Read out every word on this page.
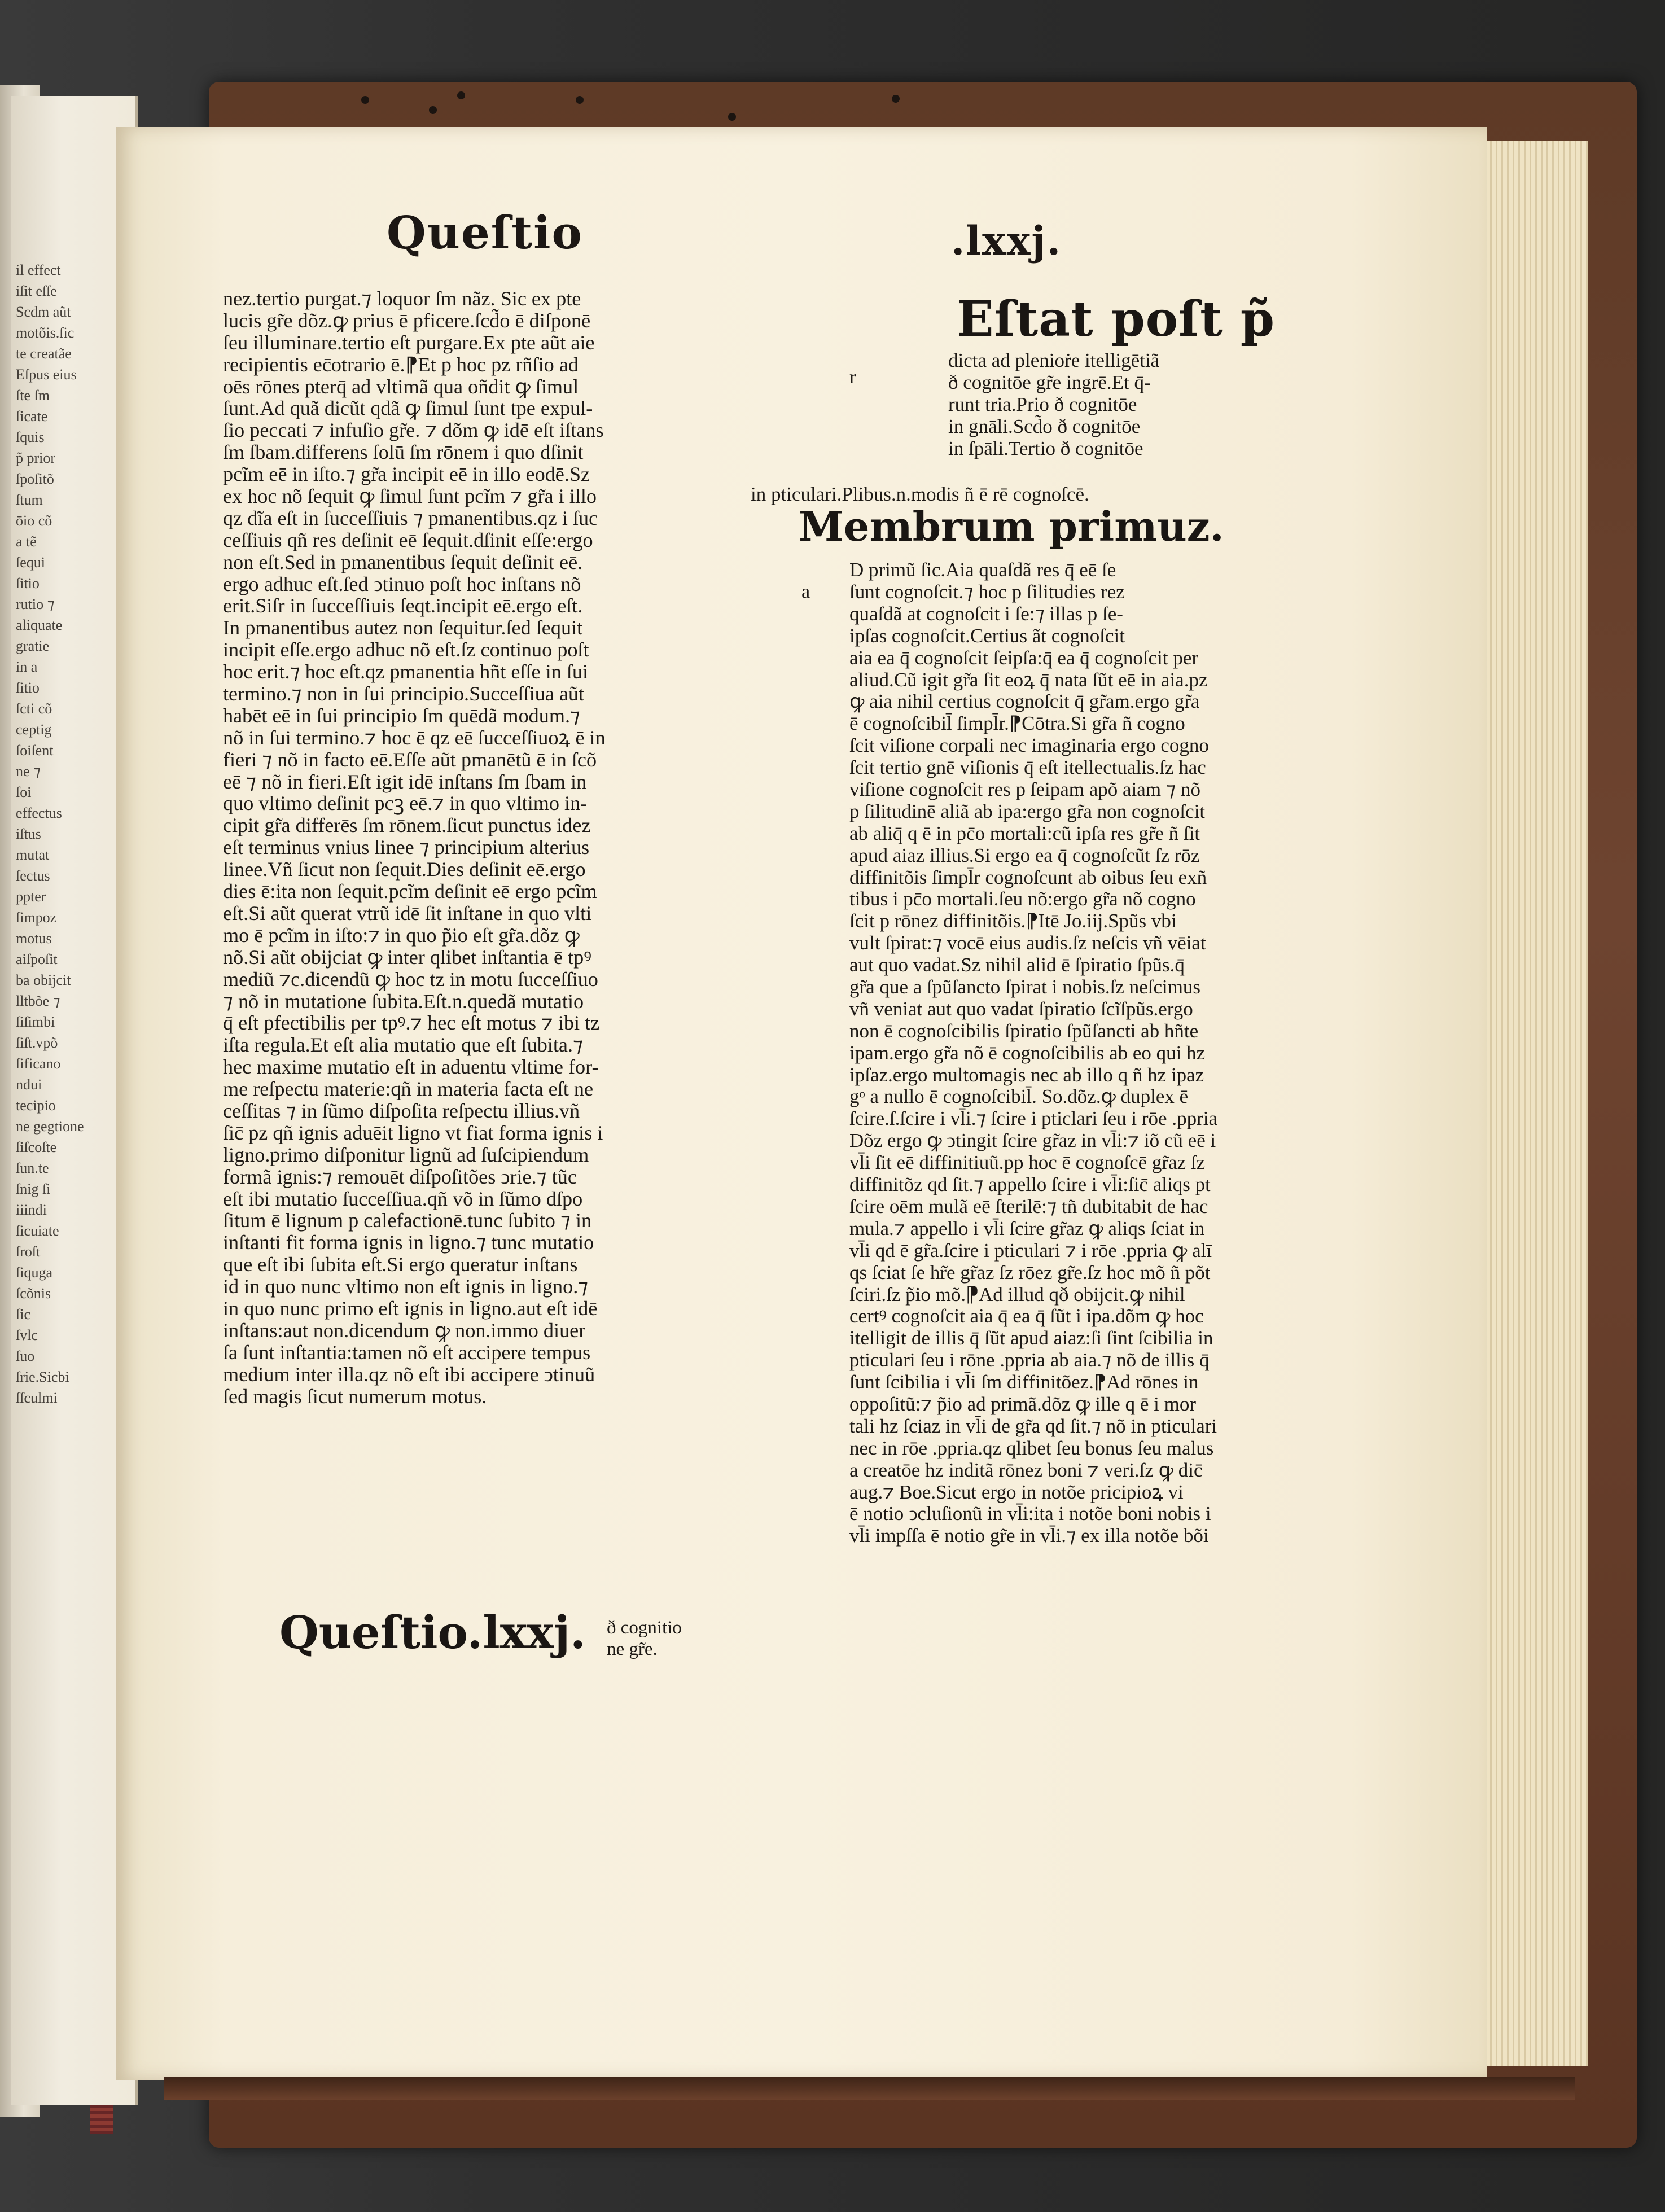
il effect
iſit eſſe
Scdm aũt
motõis.ſic
te creatãe
Eſpus eius
ſte ſm
ſicate
ſquis
p̃ prior
ſpoſitõ
ſtum
ōio cõ
a tẽ
ſequi
ſitio
rutio ⁊
aliquate
gratie
in a
ſitio
ſcti cõ
ceptig
ſoiſent
ne ⁊
ſoi
effectus
iſtus
mutat
ſectus
ppter
ſimpoz
motus
aiſpoſit
ba obijcit
lltbõe ⁊
ſiſimbi
ſiſt.vpõ
ſificano
ndui
tecipio
ne gegtione
ſiſcoſte
ſun.te
ſnig ſi
iiindi
ſicuiate
ſroſt
ſiquga
ſcõnis
ſic
ſvlc
ſuo
ſrie.Sicbi
ſſculmi
Queſtio	.lxxj.
nez.tertio purgat.⁊ loquor ſm nãz. Sic ex pte
lucis gr̃e dõz.ꝙ prius ē pficere.ſcd̃o ē diſponē
ſeu illuminare.tertio eſt purgare.Ex pte aũt aie
recipientis ec̄otrario ē.⁋Et p hoc pz rñſio ad
oēs rōnes pterq̄ ad vltimã qua oñdit ꝙ ſimul
ſunt.Ad quã dicũt qdã ꝙ ſimul ſunt tpe expul-
ſio peccati ⁊ infuſio gr̃e. ⁊ dõm ꝙ idē eſt iſtans
ſm ſbam.differens ſolū ſm rōnem i quo dſinit
pcĩm eē in iſto.⁊ gr̃a incipit eē in illo eodē.Sz
ex hoc nõ ſequit ꝙ ſimul ſunt pcĩm ⁊ gr̃a i illo
qz dĩa eſt in ſucceſſiuis ⁊ pmanentibus.qz i ſuc
ceſſiuis qñ res deſinit eē ſequit.dſinit eſſe:ergo
non eſt.Sed in pmanentibus ſequit deſinit eē.
ergo adhuc eſt.ſed ↄtinuo poſt hoc inſtans nõ
erit.Siſr in ſucceſſiuis ſeqt.incipit eē.ergo eſt.
In pmanentibus autez non ſequitur.ſed ſequit
incipit eſſe.ergo adhuc nõ eſt.ſz continuo poſt
hoc erit.⁊ hoc eſt.qz pmanentia hñt eſſe in ſui
termino.⁊ non in ſui principio.Succeſſiua aũt
habēt eē in ſui principio ſm quēdã modum.⁊
nõ in ſui termino.⁊ hoc ē qz eē ſucceſſiuoꝝ ē in
fieri ⁊ nõ in facto eē.Eſſe aũt pmanētũ ē in ſcõ
eē ⁊ nõ in fieri.Eſt igit idē inſtans ſm ſbam in
quo vltimo deſinit pcꝫ eē.⁊ in quo vltimo in-
cipit gr̃a differēs ſm rōnem.ſicut punctus idez
eſt terminus vnius linee ⁊ principium alterius
linee.Vñ ſicut non ſequit.Dies deſinit eē.ergo
dies ē:ita non ſequit.pcĩm deſinit eē ergo pcĩm
eſt.Si aũt querat vtrũ idē ſit inſtane in quo vlti
mo ē pcĩm in iſto:⁊ in quo p̃io eſt gr̃a.dõz ꝙ
nõ.Si aũt obijciat ꝙ inter qlibet inſtantia ē tpꝰ
mediũ ⁊c.dicendũ ꝙ hoc tz in motu ſucceſſiuo
⁊ nõ in mutatione ſubita.Eſt.n.quedã mutatio
q̄ eſt pfectibilis per tpꝰ.⁊ hec eſt motus ⁊ ibi tz
iſta regula.Et eſt alia mutatio que eſt ſubita.⁊
hec maxime mutatio eſt in aduentu vltime for-
me reſpectu materie:qñ in materia facta eſt ne
ceſſitas ⁊ in ſũmo diſpoſita reſpectu illius.vñ
ſic̄ pz qñ ignis aduēit ligno vt fiat forma ignis i
ligno.primo diſponitur lignũ ad ſuſcipiendum
formã ignis:⁊ remouēt diſpoſitões ↄrie.⁊ tũc
eſt ibi mutatio ſucceſſiua.qñ võ in ſũmo dſpo
ſitum ē lignum p calefactionē.tunc ſubito ⁊ in
inſtanti fit forma ignis in ligno.⁊ tunc mutatio
que eſt ibi ſubita eſt.Si ergo queratur inſtans
id in quo nunc vltimo non eſt ignis in ligno.⁊
in quo nunc primo eſt ignis in ligno.aut eſt idē
inſtans:aut non.dicendum ꝙ non.immo diuer
ſa ſunt inſtantia:tamen nõ eſt accipere tempus
medium inter illa.qz nõ eſt ibi accipere ↄtinuũ
ſed magis ſicut numerum motus.
Queſtio.lxxj. ð cognitio
ne gr̃e.
Eſtat poſt p̃
r
dicta ad plenioṙe itelligētiã
ð cognitōe gr̃e ingrē.Et q̄-
runt tria.Prio ð cognitōe
in gnāli.Scd̃o ð cognitōe
in ſpāli.Tertio ð cognitōe
in pticulari.Plibus.n.modis ñ ē rē cognoſcē.
Membrum primuz.
a
D primũ ſic.Aia quaſdã res q̄ eē ſe
ſunt cognoſcit.⁊ hoc p ſilitudies rez
quaſdã at cognoſcit i ſe:⁊ illas p ſe-
ipſas cognoſcit.Certius ãt cognoſcit
aia ea q̄ cognoſcit ſeipſa:q̄ ea q̄ cognoſcit per
aliud.Cũ igit gr̃a ſit eoꝝ q̄ nata ſũt eē in aia.pz
ꝙ aia nihil certius cognoſcit q̄ gr̃am.ergo gr̃a
ē cognoſcibil̄ ſimpl̄r.⁋Cōtra.Si gr̃a ñ cogno
ſcit viſione corpali nec imaginaria ergo cogno
ſcit tertio gnē viſionis q̄ eſt itellectualis.ſz hac
viſione cognoſcit res p ſeipam apõ aiam ⁊ nõ
p ſilitudinē aliã ab ipa:ergo gr̃a non cognoſcit
ab aliq̄ q ē in pc̄o mortali:cũ ipſa res gr̃e ñ ſit
apud aiaz illius.Si ergo ea q̄ cognoſcũt ſz rōz
diffinitõis ſimpl̄r cognoſcunt ab oibus ſeu exñ
tibus i pc̄o mortali.ſeu nõ:ergo gr̃a nõ cogno
ſcit p rōnez diffinitõis.⁋Itē Jo.iij.Spũs vbi
vult ſpirat:⁊ vocē eius audis.ſz neſcis vñ vēiat
aut quo vadat.Sz nihil alid ē ſpiratio ſpũs.q̄
gr̃a que a ſpũſancto ſpirat i nobis.ſz neſcimus
vñ veniat aut quo vadat ſpiratio ſcĩſpũs.ergo
non ē cognoſcibilis ſpiratio ſpũſancti ab hñte
ipam.ergo gr̃a nõ ē cognoſcibilis ab eo qui hz
ipſaz.ergo multomagis nec ab illo q ñ hz ipaz
gᵒ a nullo ē cognoſcibil̄. So.dõz.ꝙ duplex ē
ſcire.ſ.ſcire i vl̄i.⁊ ſcire i pticlari ſeu i rōe .ppria
Dõz ergo ꝙ ↄtingit ſcire gr̃az in vl̄i:⁊ iõ cũ eē i
vl̄i ſit eē diffinitiuũ.pp hoc ē cognoſcē gr̃az ſz
diffinitõz qd ſit.⁊ appello ſcire i vl̄i:ſic̄ aliqs pt
ſcire oēm mulã eē ſterilē:⁊ tñ dubitabit de hac
mula.⁊ appello i vl̄i ſcire gr̃az ꝙ aliqs ſciat in
vl̄i qd ē gr̃a.ſcire i pticulari ⁊ i rōe .ppria ꝙ alī
qs ſciat ſe hr̃e gr̃az ſz rōez gr̃e.ſz hoc mõ ñ põt
ſciri.ſz p̃io mõ.⁋Ad illud qð obijcit.ꝙ nihil
certꝰ cognoſcit aia q̄ ea q̄ ſũt i ipa.dõm ꝙ hoc
itelligit de illis q̄ ſũt apud aiaz:ſi ſint ſcibilia in
pticulari ſeu i rōne .ppria ab aia.⁊ nõ de illis q̄
ſunt ſcibilia i vl̄i ſm diffinitõez.⁋Ad rōnes in
oppoſitũ:⁊ p̃io ad primã.dõz ꝙ ille q ē i mor
tali hz ſciaz in vl̄i de gr̃a qd ſit.⁊ nõ in pticulari
nec in rōe .ppria.qz qlibet ſeu bonus ſeu malus
a creatōe hz inditã rōnez boni ⁊ veri.ſz ꝙ dic̄
aug.⁊ Boe.Sicut ergo in notõe pricipioꝝ vi
ē notio ↄcluſionũ in vl̄i:ita i notõe boni nobis i
vl̄i impſſa ē notio gr̃e in vl̄i.⁊ ex illa notõe bõi
